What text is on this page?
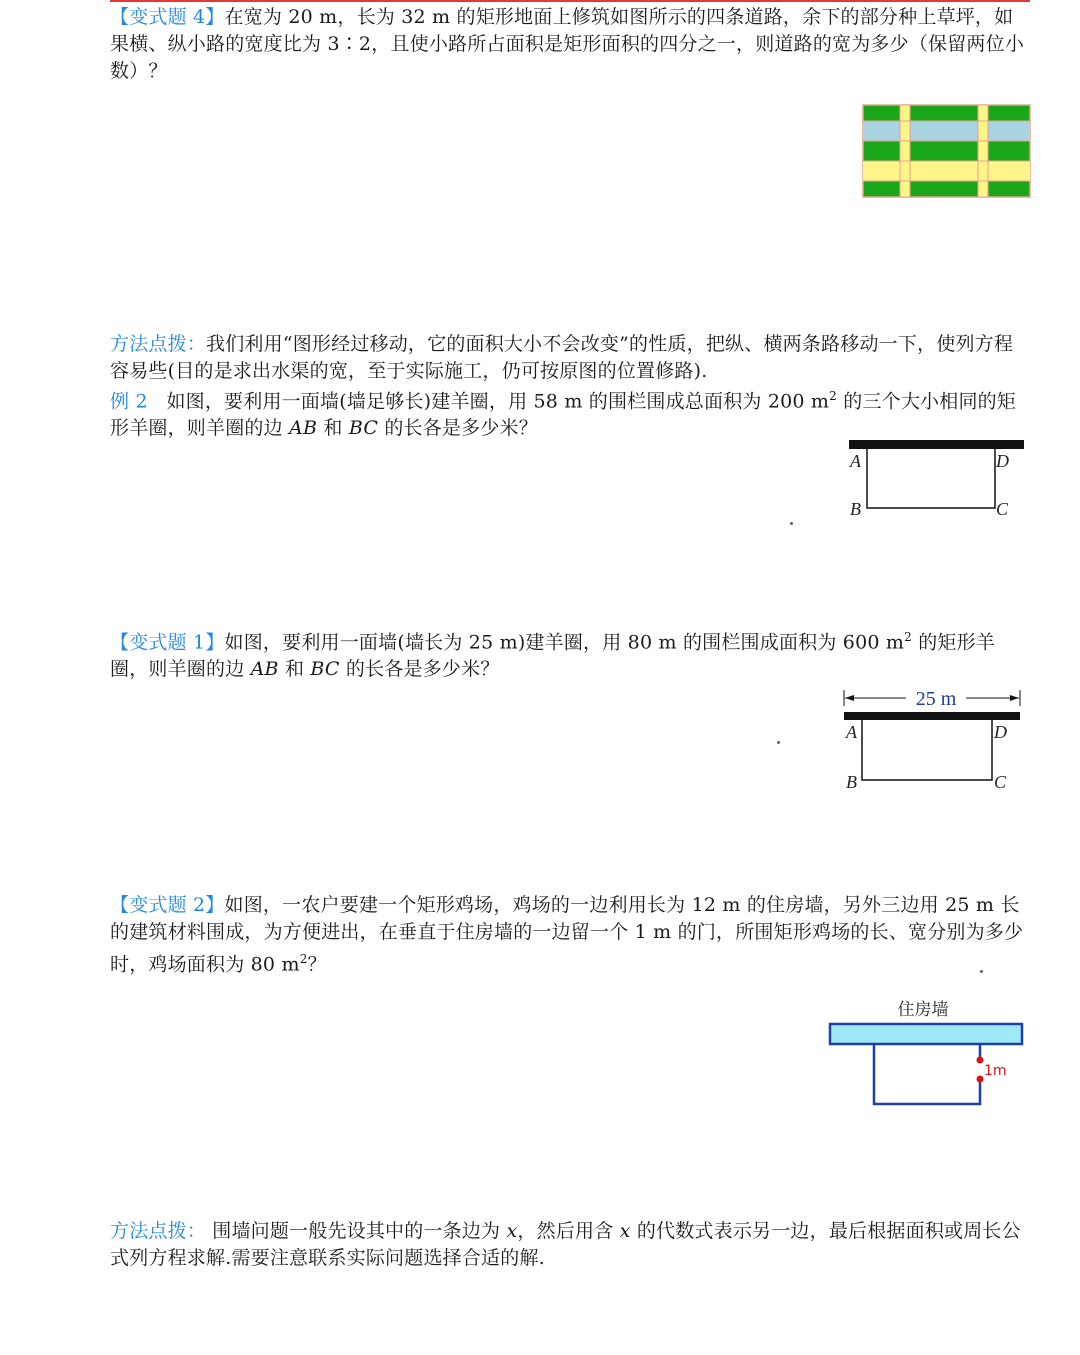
【变式题 4】在宽为 20 m，长为 32 m 的矩形地面上修筑如图所示的四条道路，余下的部分种上草坪，如果横、纵小路的宽度比为 3∶2，且使小路所占面积是矩形面积的四分之一，则道路的宽为多少（保留两位小数）？
方法点拨：我们利用“图形经过移动，它的面积大小不会改变”的性质，把纵、横两条路移动一下，使列方程容易些(目的是求出水渠的宽，至于实际施工，仍可按原图的位置修路).
例 2 如图，要利用一面墙(墙足够长)建羊圈，用 58 m 的围栏围成总面积为 200 $m^2$ 的三个大小相同的矩形羊圈，则羊圈的边 AB 和 BC 的长各是多少米？
A
B	C
D
【变式题 1】如图，要利用一面墙(墙长为 25 m)建羊圈，用 80 m 的围栏围成面积为 600 $m^2$ 的矩形羊圈，则羊圈的边 AB 和 BC 的长各是多少米？
25 m
A
B	C
D
【变式题 2】如图，一农户要建一个矩形鸡场，鸡场的一边利用长为 12 m 的住房墙，另外三边用 25 m 长的建筑材料围成，为方便进出，在垂直于住房墙的一边留一个 1 m 的门，所围矩形鸡场的长、宽分别为多少时，鸡场面积为 80 $m^2$？
住房墙
1m
方法点拨： 围墙问题一般先设其中的一条边为 x，然后用含 x 的代数式表示另一边，最后根据面积或周长公式列方程求解.需要注意联系实际问题选择合适的解.
